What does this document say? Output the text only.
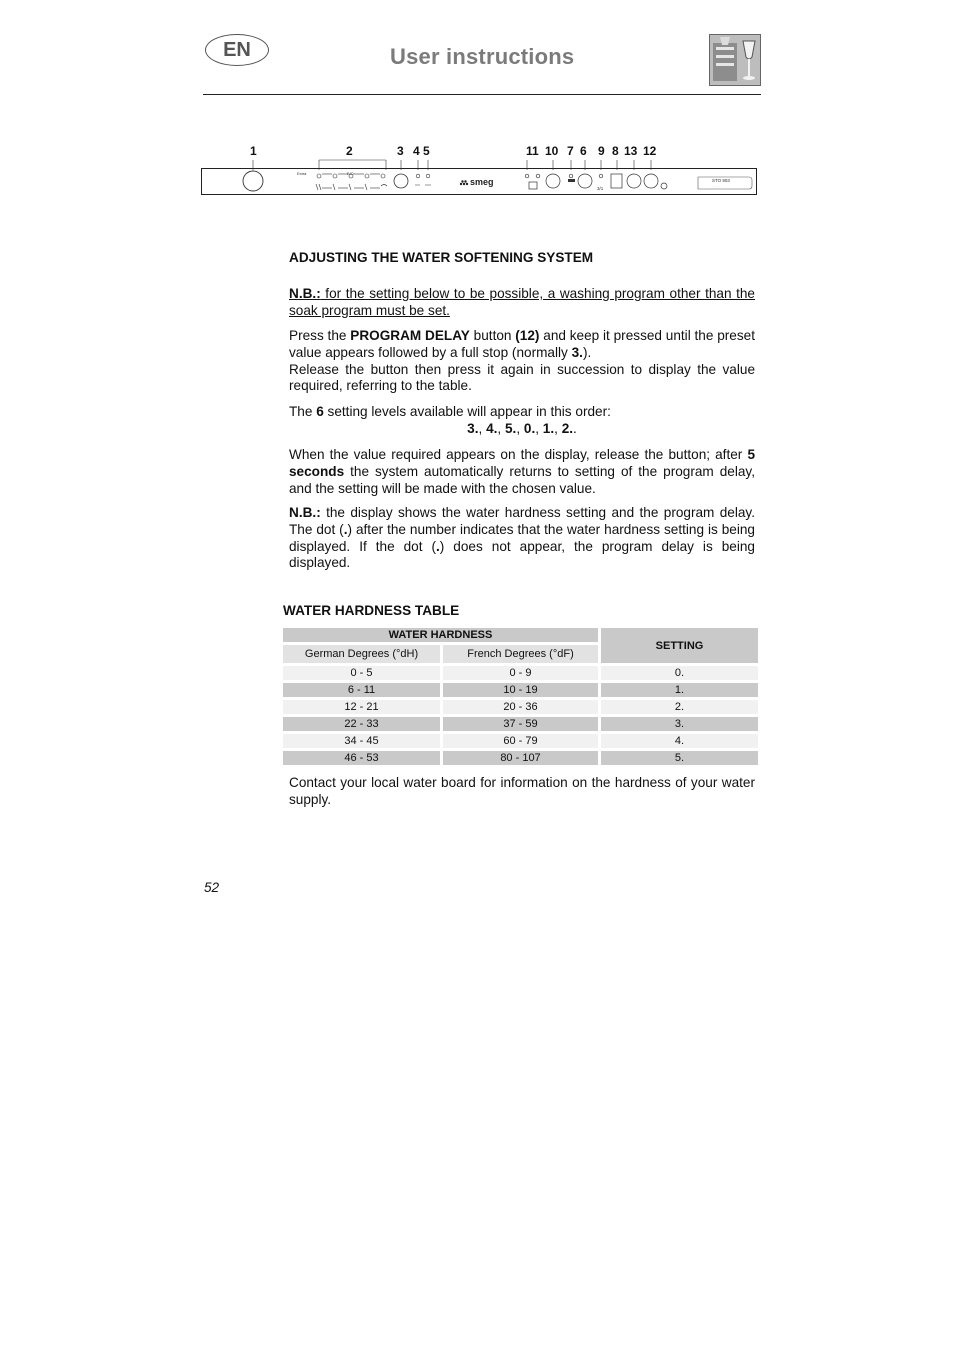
EN	User instructions
1	2	3 4 5	11 10 7 6 9 8 13 12
Extra	BIO
smeg
3/1
STO 903
· · · · · ·

ADJUSTING THE WATER SOFTENING SYSTEM

N.B.: for the setting below to be possible, a washing program other than the soak program must be set.

Press the PROGRAM DELAY button (12) and keep it pressed until the preset value appears followed by a full stop (normally 3.).

Release the button then press it again in succession to display the value required, referring to the table.

The 6 setting levels available will appear in this order:

3., 4., 5., 0., 1., 2..

When the value required appears on the display, release the button; after 5 seconds the system automatically returns to setting of the program delay, and the setting will be made with the chosen value.

N.B.: the display shows the water hardness setting and the program delay. The dot (.) after the number indicates that the water hardness setting is being displayed. If the dot (.) does not appear, the program delay is being displayed.

WATER HARDNESS TABLE
WATER HARDNESS		SETTING
German Degrees (°dH)	French Degrees (°dF)	
0 - 5	0 - 9	0.
6 - 11	10 - 19	1.
12 - 21	20 - 36	2.
22 - 33	37 - 59	3.
34 - 45	60 - 79	4.
46 - 53	80 - 107	5.

Contact your local water board for information on the hardness of your water supply.

52
